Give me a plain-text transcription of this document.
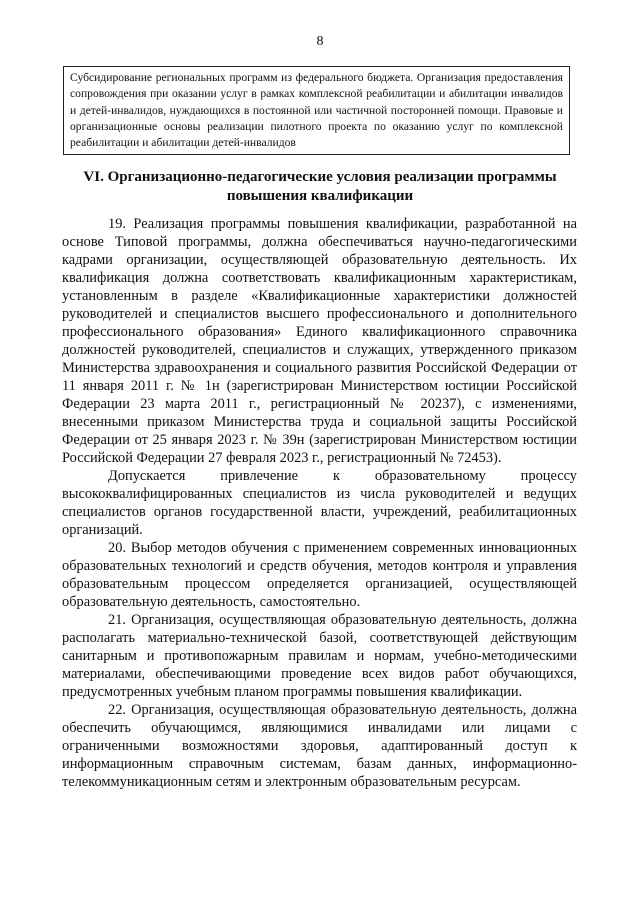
8
Субсидирование региональных программ из федерального бюджета. Организация предоставления сопровождения при оказании услуг в рамках комплексной реабилитации и абилитации инвалидов и детей-инвалидов, нуждающихся в постоянной или частичной посторонней помощи. Правовые и организационные основы реализации пилотного проекта по оказанию услуг по комплексной реабилитации и абилитации детей-инвалидов
VI. Организационно-педагогические условия реализации программы
повышения квалификации

19. Реализация программы повышения квалификации, разработанной на основе Типовой программы, должна обеспечиваться научно-педагогическими кадрами организации, осуществляющей образовательную деятельность. Их квалификация должна соответствовать квалификационным характеристикам, установленным в разделе «Квалификационные характеристики должностей руководителей и специалистов высшего профессионального и дополнительного профессионального образования» Единого квалификационного справочника должностей руководителей, специалистов и служащих, утвержденного приказом Министерства здравоохранения и социального развития Российской Федерации от 11 января 2011 г. № 1н (зарегистрирован Министерством юстиции Российской Федерации 23 марта 2011 г., регистрационный № 20237), с изменениями, внесенными приказом Министерства труда и социальной защиты Российской Федерации от 25 января 2023 г. № 39н (зарегистрирован Министерством юстиции Российской Федерации 27 февраля 2023 г., регистрационный № 72453).

Допускается привлечение к образовательному процессу высококвалифицированных специалистов из числа руководителей и ведущих специалистов органов государственной власти, учреждений, реабилитационных организаций.

20. Выбор методов обучения с применением современных инновационных образовательных технологий и средств обучения, методов контроля и управления образовательным процессом определяется организацией, осуществляющей образовательную деятельность, самостоятельно.

21. Организация, осуществляющая образовательную деятельность, должна располагать материально-технической базой, соответствующей действующим санитарным и противопожарным правилам и нормам, учебно-методическими материалами, обеспечивающими проведение всех видов работ обучающихся, предусмотренных учебным планом программы повышения квалификации.

22. Организация, осуществляющая образовательную деятельность, должна обеспечить обучающимся, являющимися инвалидами или лицами с ограниченными возможностями здоровья, адаптированный доступ к информационным справочным системам, базам данных, информационно-телекоммуникационным сетям и электронным образовательным ресурсам.
